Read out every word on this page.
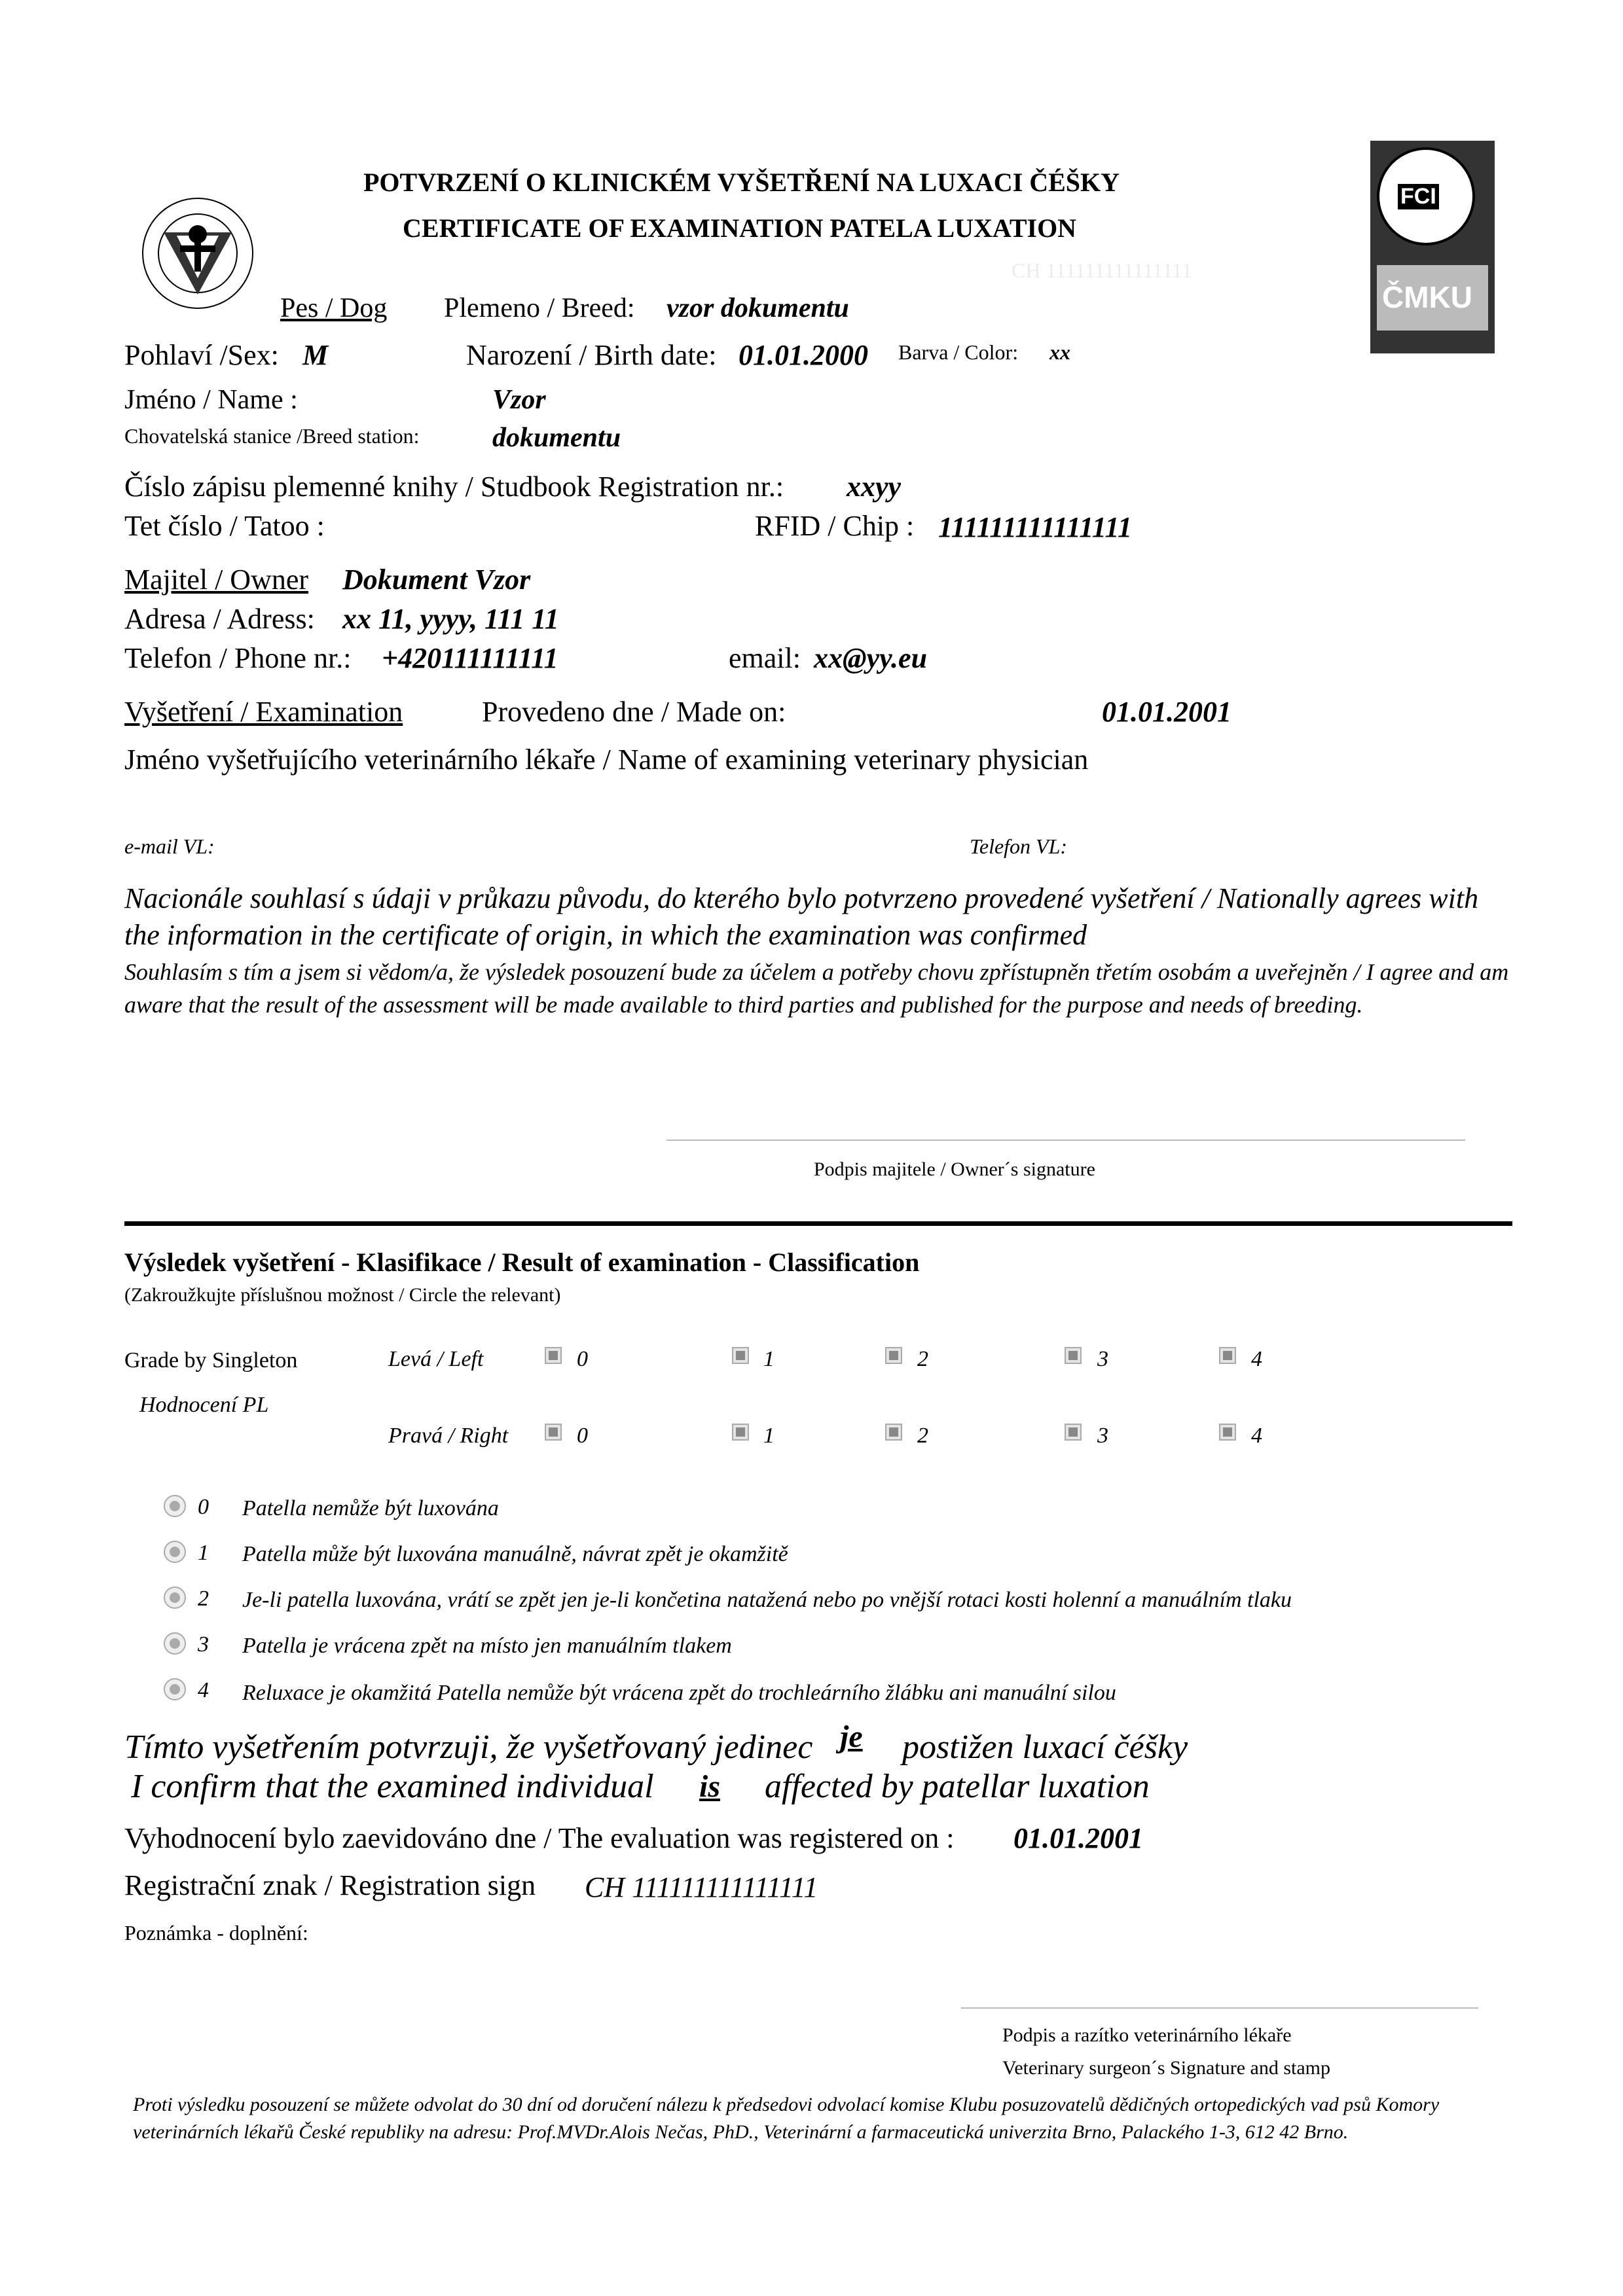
POTVRZENÍ O KLINICKÉM VYŠETŘENÍ NA LUXACI ČÉŠKY
CERTIFICATE OF EXAMINATION PATELA LUXATION
CH 111111111111111
FCI
ČMKU
Pes / Dog Plemeno / Breed: vzor dokumentu
Pohlaví /Sex: M	Narození / Birth date: 01.01.2000 Barva / Color: xx
Jméno / Name :	Vzor
Chovatelská stanice /Breed station:	dokumentu
Číslo zápisu plemenné knihy / Studbook Registration nr.: xxyy
Tet číslo / Tatoo :	RFID / Chip : 111111111111111
Majitel / Owner Dokument Vzor
Adresa / Adress: xx 11, yyyy, 111 11
Telefon / Phone nr.: +420111111111	email: xx@yy.eu
Vyšetření / Examination	Provedeno dne / Made on:	01.01.2001
Jméno vyšetřujícího veterinárního lékaře / Name of examining veterinary physician
e-mail VL:	Telefon VL:
Nacionále souhlasí s údaji v průkazu původu, do kterého bylo potvrzeno provedené vyšetření / Nationally agrees with the information in the certificate of origin, in which the examination was confirmed
Souhlasím s tím a jsem si vědom/a, že výsledek posouzení bude za účelem a potřeby chovu zpřístupněn třetím osobám a uveřejněn / I agree and am aware that the result of the assessment will be made available to third parties and published for the purpose and needs of breeding.
Podpis majitele / Owner´s signature
Výsledek vyšetření - Klasifikace / Result of examination - Classification
(Zakroužkujte příslušnou možnost / Circle the relevant)
Grade by Singleton
Hodnocení PL
Levá / Left	0	1	2	3	4
Pravá / Right	0	1	2	3	4
0 Patella nemůže být luxována
1 Patella může být luxována manuálně, návrat zpět je okamžitě
2 Je-li patella luxována, vrátí se zpět jen je-li končetina natažená nebo po vnější rotaci kosti holenní a manuálním tlaku
3 Patella je vrácena zpět na místo jen manuálním tlakem
4 Reluxace je okamžitá Patella nemůže být vrácena zpět do trochleárního žlábku ani manuální silou
Tímto vyšetřením potvrzuji, že vyšetřovaný jedinec je postižen luxací čéšky
I confirm that the examined individual is affected by patellar luxation
Vyhodnocení bylo zaevidováno dne / The evaluation was registered on : 01.01.2001
Registrační znak / Registration sign CH 111111111111111
Poznámka - doplnění:
Podpis a razítko veterinárního lékaře
Veterinary surgeon´s Signature and stamp
Proti výsledku posouzení se můžete odvolat do 30 dní od doručení nálezu k předsedovi odvolací komise Klubu posuzovatelů dědičných ortopedických vad psů Komory veterinárních lékařů České republiky na adresu: Prof.MVDr.Alois Nečas, PhD., Veterinární a farmaceutická univerzita Brno, Palackého 1-3, 612 42 Brno.
